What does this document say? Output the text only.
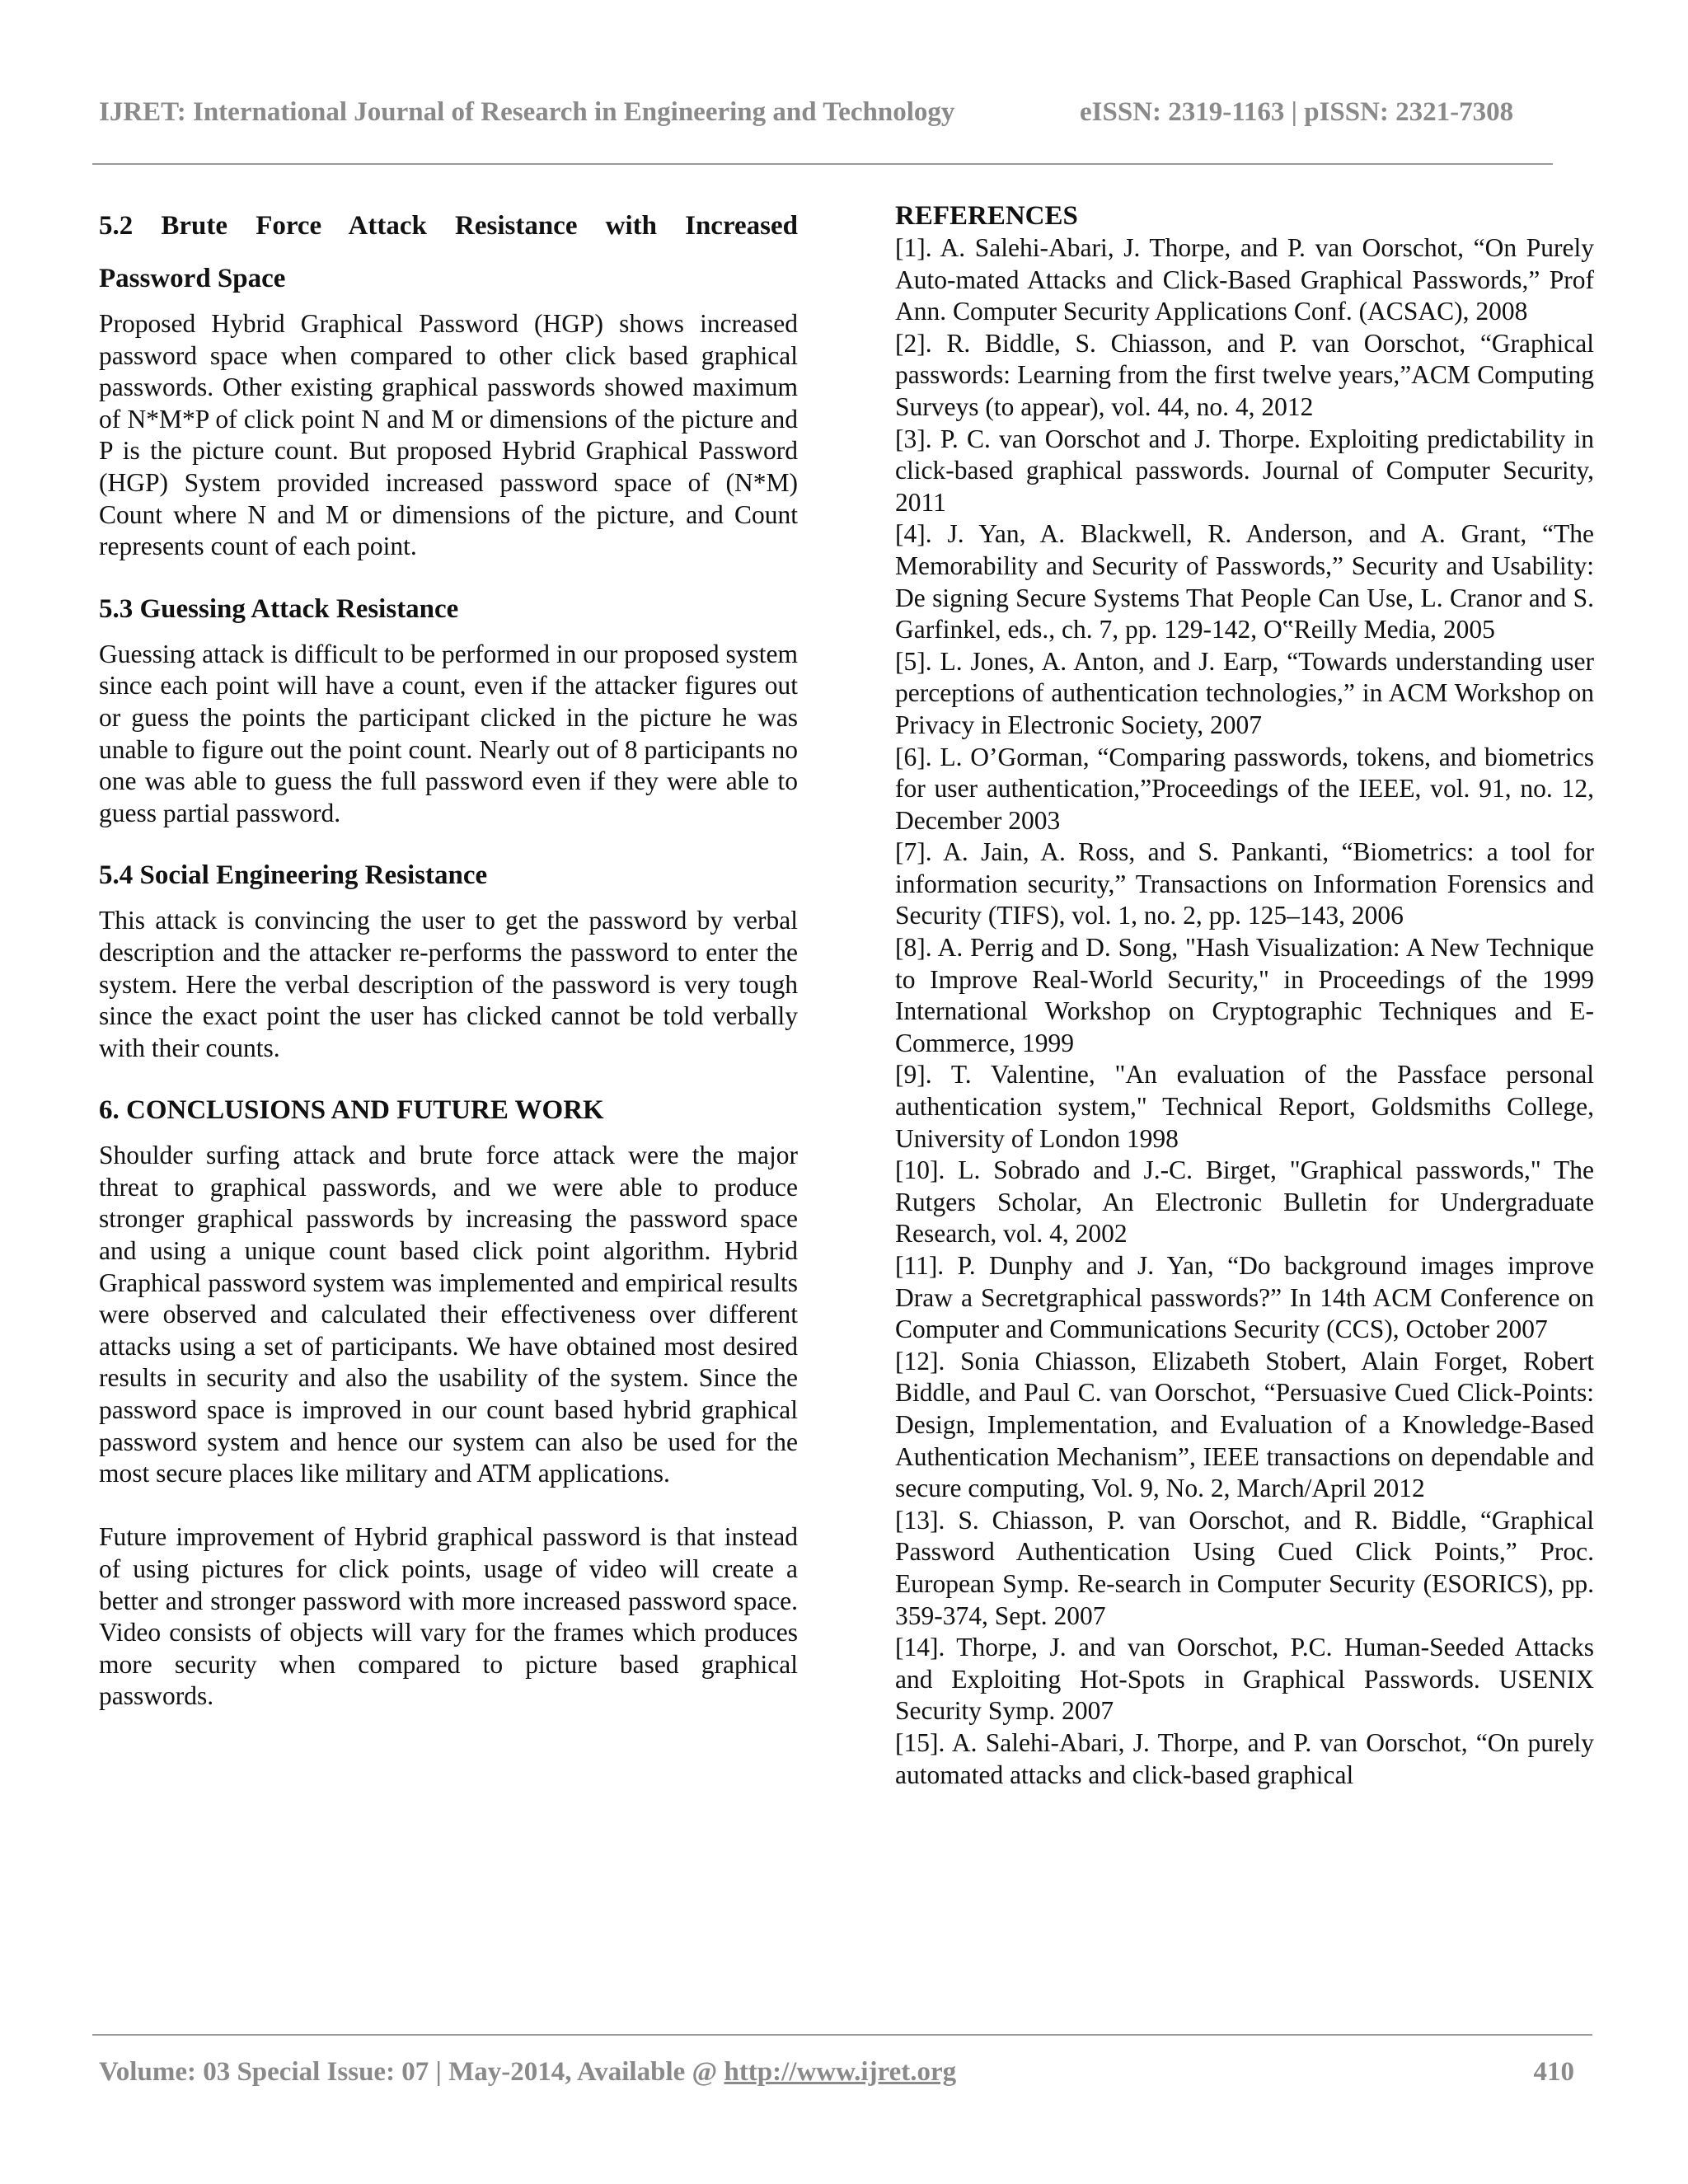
IJRET: International Journal of Research in Engineering and Technology	eISSN: 2319-1163 | pISSN: 2321-7308
5.2 Brute Force Attack Resistance with Increased
Password Space

Proposed Hybrid Graphical Password (HGP) shows increased password space when compared to other click based graphical passwords. Other existing graphical passwords showed maximum of N*M*P of click point N and M or dimensions of the picture and P is the picture count. But proposed Hybrid Graphical Password (HGP) System provided increased password space of (N*M) Count where N and M or dimensions of the picture, and Count represents count of each point.

5.3 Guessing Attack Resistance

Guessing attack is difficult to be performed in our proposed system since each point will have a count, even if the attacker figures out or guess the points the participant clicked in the picture he was unable to figure out the point count. Nearly out of 8 participants no one was able to guess the full password even if they were able to guess partial password.

5.4 Social Engineering Resistance

This attack is convincing the user to get the password by verbal description and the attacker re-performs the password to enter the system. Here the verbal description of the password is very tough since the exact point the user has clicked cannot be told verbally with their counts.

6. CONCLUSIONS AND FUTURE WORK

Shoulder surfing attack and brute force attack were the major threat to graphical passwords, and we were able to produce stronger graphical passwords by increasing the password space and using a unique count based click point algorithm. Hybrid Graphical password system was implemented and empirical results were observed and calculated their effectiveness over different attacks using a set of participants. We have obtained most desired results in security and also the usability of the system. Since the password space is improved in our count based hybrid graphical password system and hence our system can also be used for the most secure places like military and ATM applications.

Future improvement of Hybrid graphical password is that instead of using pictures for click points, usage of video will create a better and stronger password with more increased password space. Video consists of objects will vary for the frames which produces more security when compared to picture based graphical passwords.

REFERENCES

[1]. A. Salehi-Abari, J. Thorpe, and P. van Oorschot, “On Purely Auto-mated Attacks and Click-Based Graphical Passwords,” Prof Ann. Computer Security Applications Conf. (ACSAC), 2008

[2]. R. Biddle, S. Chiasson, and P. van Oorschot, “Graphical passwords: Learning from the first twelve years,”ACM Computing Surveys (to appear), vol. 44, no. 4, 2012

[3]. P. C. van Oorschot and J. Thorpe. Exploiting predictability in click-based graphical passwords. Journal of Computer Security, 2011

[4]. J. Yan, A. Blackwell, R. Anderson, and A. Grant, “The Memorability and Security of Passwords,” Security and Usability: De signing Secure Systems That People Can Use, L. Cranor and S. Garfinkel, eds., ch. 7, pp. 129-142, O‟Reilly Media, 2005

[5]. L. Jones, A. Anton, and J. Earp, “Towards understanding user perceptions of authentication technologies,” in ACM Workshop on Privacy in Electronic Society, 2007

[6]. L. O’Gorman, “Comparing passwords, tokens, and biometrics for user authentication,”Proceedings of the IEEE, vol. 91, no. 12, December 2003

[7]. A. Jain, A. Ross, and S. Pankanti, “Biometrics: a tool for information security,” Transactions on Information Forensics and Security (TIFS), vol. 1, no. 2, pp. 125–143, 2006

[8]. A. Perrig and D. Song, "Hash Visualization: A New Technique to Improve Real-World Security," in Proceedings of the 1999 International Workshop on Cryptographic Techniques and E-Commerce, 1999

[9]. T. Valentine, "An evaluation of the Passface personal authentication system," Technical Report, Goldsmiths College, University of London 1998

[10]. L. Sobrado and J.-C. Birget, "Graphical passwords," The Rutgers Scholar, An Electronic Bulletin for Undergraduate Research, vol. 4, 2002

[11]. P. Dunphy and J. Yan, “Do background images improve Draw a Secretgraphical passwords?” In 14th ACM Conference on Computer and Communications Security (CCS), October 2007

[12]. Sonia Chiasson, Elizabeth Stobert, Alain Forget, Robert Biddle, and Paul C. van Oorschot, “Persuasive Cued Click-Points: Design, Implementation, and Evaluation of a Knowledge-Based Authentication Mechanism”, IEEE transactions on dependable and secure computing, Vol. 9, No. 2, March/April 2012

[13]. S. Chiasson, P. van Oorschot, and R. Biddle, “Graphical Password Authentication Using Cued Click Points,” Proc. European Symp. Re-search in Computer Security (ESORICS), pp. 359-374, Sept. 2007

[14]. Thorpe, J. and van Oorschot, P.C. Human-Seeded Attacks and Exploiting Hot-Spots in Graphical Passwords. USENIX Security Symp. 2007

[15]. A. Salehi-Abari, J. Thorpe, and P. van Oorschot, “On purely automated attacks and click-based graphical

Volume: 03 Special Issue: 07 | May-2014, Available @ http://www.ijret.org	410
